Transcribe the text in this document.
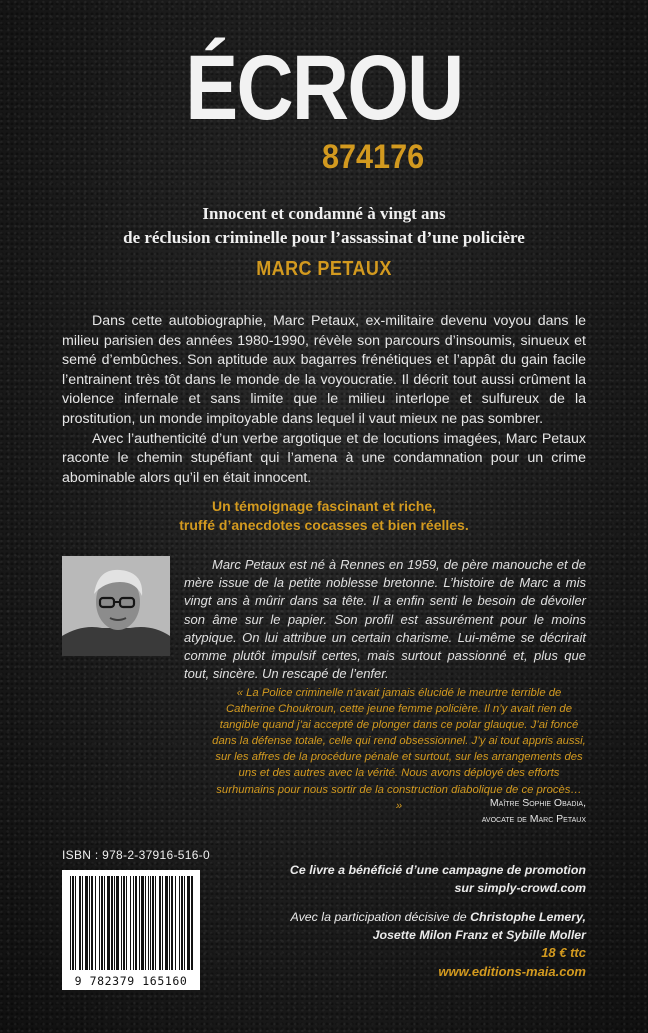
ÉCROU
874176
Innocent et condamné à vingt ans
de réclusion criminelle pour l’assassinat d’une policière
MARC PETAUX

Dans cette autobiographie, Marc Petaux, ex-militaire devenu voyou dans le milieu parisien des années 1980-1990, révèle son parcours d’insoumis, sinueux et semé d’embûches. Son aptitude aux bagarres frénétiques et l’appât du gain facile l’entrainent très tôt dans le monde de la voyoucratie. Il décrit tout aussi crûment la violence infernale et sans limite que le milieu interlope et sulfureux de la prostitution, un monde impitoyable dans lequel il vaut mieux ne pas sombrer.

Avec l’authenticité d’un verbe argotique et de locutions imagées, Marc Petaux raconte le chemin stupéfiant qui l’amena à une condamnation pour un crime abominable alors qu’il en était innocent.

Un témoignage fascinant et riche,
truffé d’anecdotes cocasses et bien réelles.

Marc Petaux est né à Rennes en 1959, de père manouche et de mère issue de la petite noblesse bretonne. L’histoire de Marc a mis vingt ans à mûrir dans sa tête. Il a enfin senti le besoin de dévoiler son âme sur le papier. Son profil est assurément pour le moins atypique. On lui attribue un certain charisme. Lui-même se décrirait comme plutôt impulsif certes, mais surtout passionné et, plus que tout, sincère. Un rescapé de l’enfer.

« La Police criminelle n’avait jamais élucidé le meurtre terrible de Catherine Choukroun, cette jeune femme policière. Il n’y avait rien de tangible quand j’ai accepté de plonger dans ce polar glauque. J’ai foncé dans la défense totale, celle qui rend obsessionnel. J’y ai tout appris aussi, sur les affres de la procédure pénale et surtout, sur les arrangements des uns et des autres avec la vérité. Nous avons déployé des efforts surhumains pour nous sortir de la construction diabolique de ce procès… »	Maître Sophie Obadia,
avocate de Marc Petaux
ISBN : 978-2-37916-516-0
9 782379 165160
Ce livre a bénéficié d’une campagne de promotion
sur simply-crowd.com
Avec la participation décisive de Christophe Lemery,
Josette Milon Franz et Sybille Moller
18 € ttc
www.editions-maia.com
